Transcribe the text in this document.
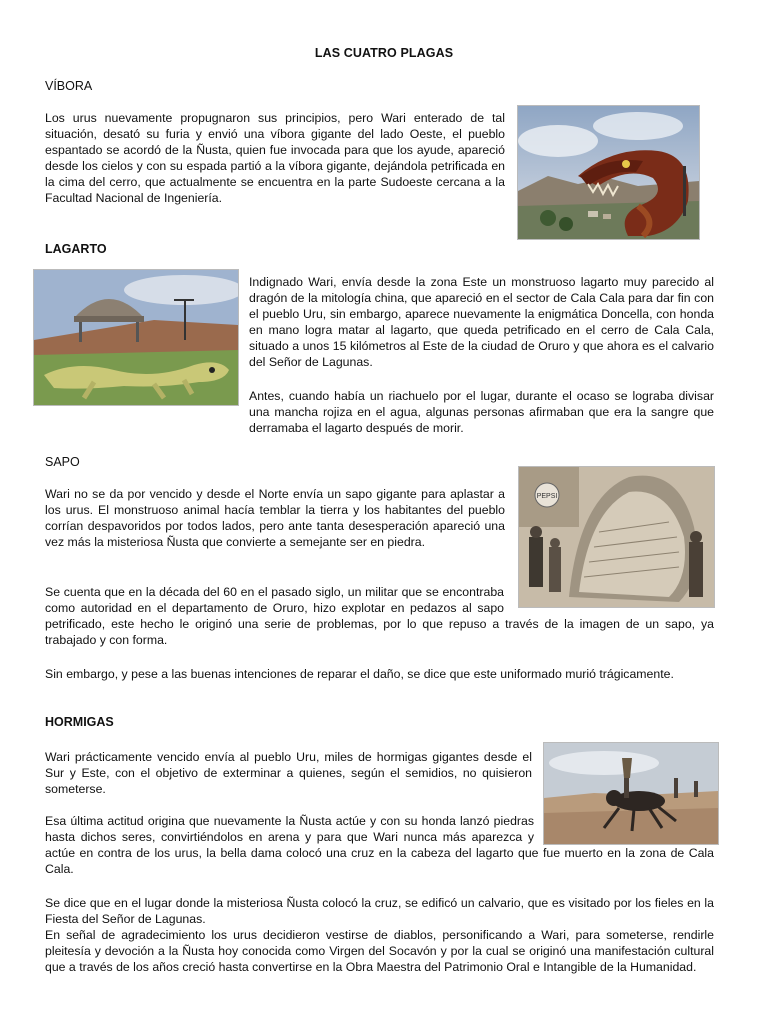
LAS CUATRO PLAGAS
VÍBORA

Los urus nuevamente propugnaron sus principios, pero Wari enterado de tal situación, desató su furia y envió una víbora gigante del lado Oeste, el pueblo espantado se acordó de la Ñusta, quien fue invocada para que los ayude, apareció desde los cielos y con su espada partió a la víbora gigante, dejándola petrificada en la cima del cerro, que actualmente se encuentra en la parte Sudoeste cercana a la Facultad Nacional de Ingeniería.

LAGARTO

Indignado Wari, envía desde la zona Este un monstruoso lagarto muy parecido al dragón de la mitología china, que apareció en el sector de Cala Cala para dar fin con el pueblo Uru, sin embargo, aparece nuevamente la enigmática Doncella, con honda en mano logra matar al lagarto, que queda petrificado en el cerro de Cala Cala, situado a unos 15 kilómetros al Este de la ciudad de Oruro y que ahora es el calvario del Señor de Lagunas.

Antes, cuando había un riachuelo por el lugar, durante el ocaso se lograba divisar una mancha rojiza en el agua, algunas personas afirmaban que era la sangre que derramaba el lagarto después de morir.

SAPO
PEPSI

Wari no se da por vencido y desde el Norte envía un sapo gigante para aplastar a los urus. El monstruoso animal hacía temblar la tierra y los habitantes del pueblo corrían despavoridos por todos lados, pero ante tanta desesperación apareció una vez más la misteriosa Ñusta que convierte a semejante ser en piedra.

Se cuenta que en la década del 60 en el pasado siglo, un militar que se encontraba como autoridad en el departamento de Oruro, hizo explotar en pedazos al sapo petrificado, este hecho le originó una serie de problemas, por lo que repuso a través de la imagen de un sapo, ya trabajado y con forma.

Sin embargo, y pese a las buenas intenciones de reparar el daño, se dice que este uniformado murió trágicamente.

HORMIGAS

Wari prácticamente vencido envía al pueblo Uru, miles de hormigas gigantes desde el Sur y Este, con el objetivo de exterminar a quienes, según el semidios, no quisieron someterse.

Esa última actitud origina que nuevamente la Ñusta actúe y con su honda lanzó piedras hasta dichos seres, convirtiéndolos en arena y para que Wari nunca más aparezca y actúe en contra de los urus, la bella dama colocó una cruz en la cabeza del lagarto que fue muerto en la zona de Cala Cala.

Se dice que en el lugar donde la misteriosa Ñusta colocó la cruz, se edificó un calvario, que es visitado por los fieles en la Fiesta del Señor de Lagunas.

En señal de agradecimiento los urus decidieron vestirse de diablos, personificando a Wari, para someterse, rendirle pleitesía y devoción a la Ñusta hoy conocida como Virgen del Socavón y por la cual se originó una manifestación cultural que a través de los años creció hasta convertirse en la Obra Maestra del Patrimonio Oral e Intangible de la Humanidad.
